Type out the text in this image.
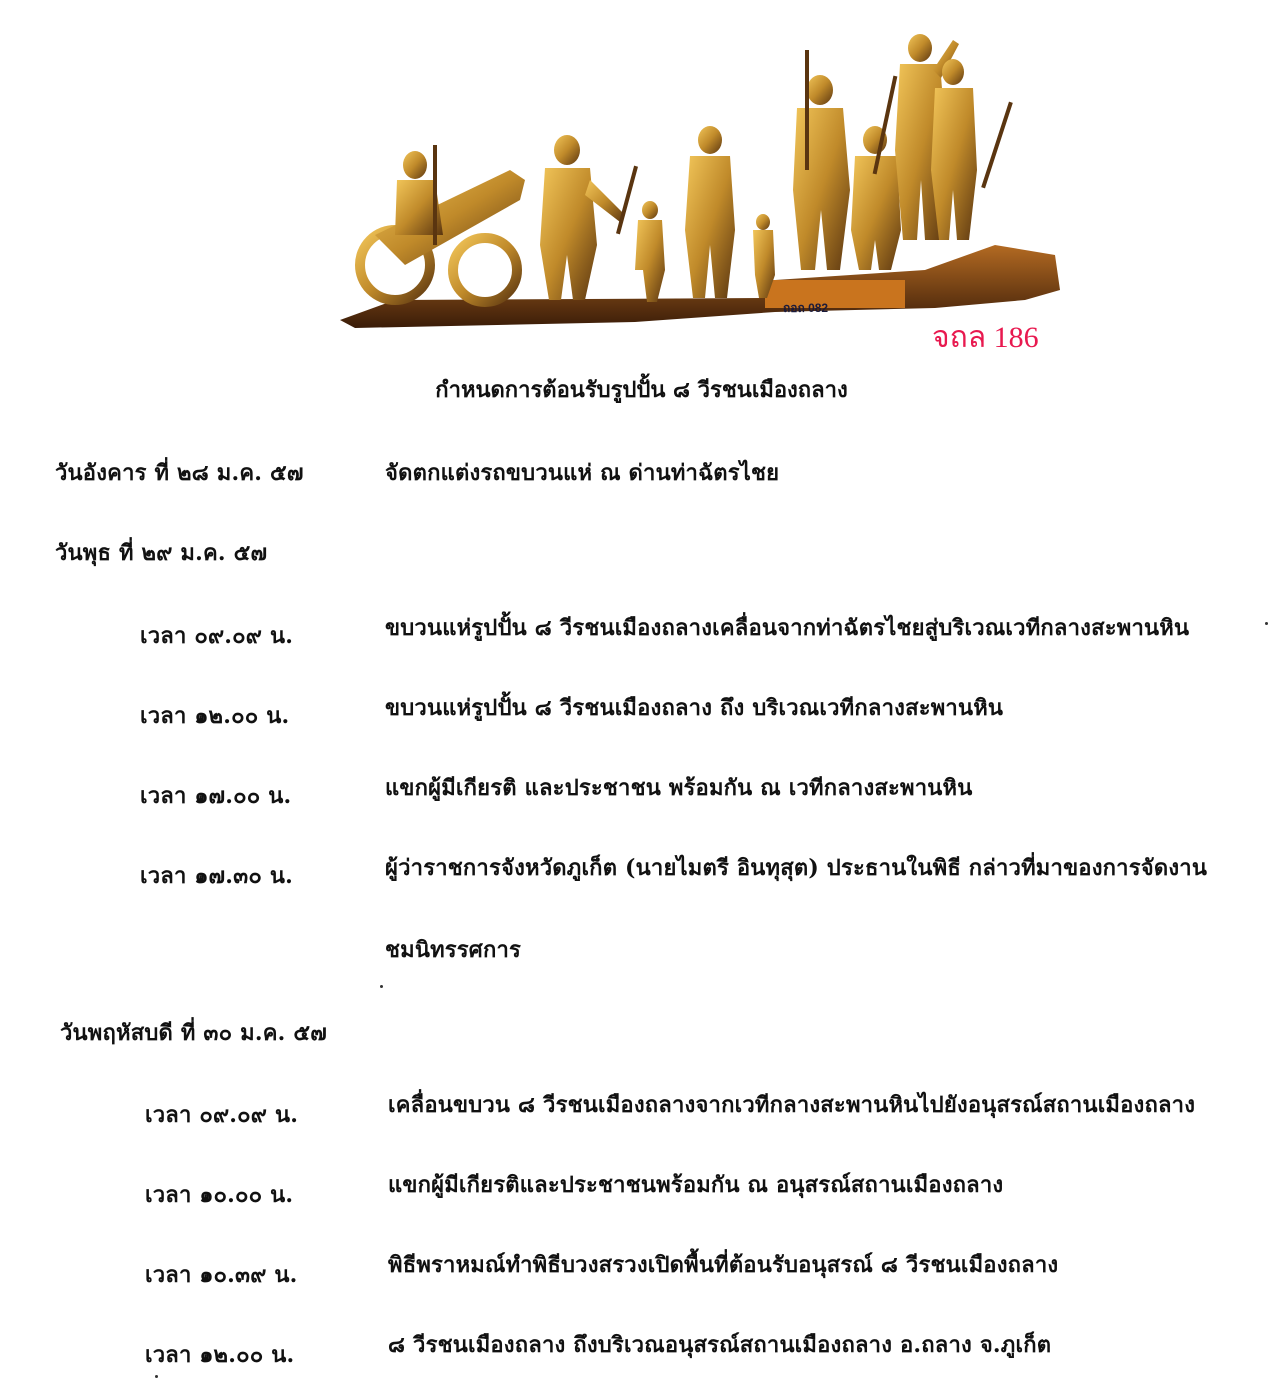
ถอถ 082
จถล 186
กำหนดการต้อนรับรูปปั้น ๘ วีรชนเมืองถลาง
วันอังคาร ที่ ๒๘ ม.ค. ๕๗	จัดตกแต่งรถขบวนแห่ ณ ด่านท่าฉัตรไชย
วันพุธ ที่ ๒๙ ม.ค. ๕๗
เวลา ๐๙.๐๙ น.	ขบวนแห่รูปปั้น ๘ วีรชนเมืองถลางเคลื่อนจากท่าฉัตรไชยสู่บริเวณเวทีกลางสะพานหิน
เวลา ๑๒.๐๐ น.	ขบวนแห่รูปปั้น ๘ วีรชนเมืองถลาง ถึง บริเวณเวทีกลางสะพานหิน
เวลา ๑๗.๐๐ น.	แขกผู้มีเกียรติ และประชาชน พร้อมกัน ณ เวทีกลางสะพานหิน
เวลา ๑๗.๓๐ น.	ผู้ว่าราชการจังหวัดภูเก็ต (นายไมตรี อินทุสุต) ประธานในพิธี กล่าวที่มาของการจัดงาน
ชมนิทรรศการ
วันพฤหัสบดี ที่ ๓๐ ม.ค. ๕๗
เวลา ๐๙.๐๙ น.	เคลื่อนขบวน ๘ วีรชนเมืองถลางจากเวทีกลางสะพานหินไปยังอนุสรณ์สถานเมืองถลาง
เวลา ๑๐.๐๐ น.	แขกผู้มีเกียรติและประชาชนพร้อมกัน ณ อนุสรณ์สถานเมืองถลาง
เวลา ๑๐.๓๙ น.	พิธีพราหมณ์ทำพิธีบวงสรวงเปิดพื้นที่ต้อนรับอนุสรณ์ ๘ วีรชนเมืองถลาง
เวลา ๑๒.๐๐ น.	๘ วีรชนเมืองถลาง ถึงบริเวณอนุสรณ์สถานเมืองถลาง อ.ถลาง จ.ภูเก็ต
